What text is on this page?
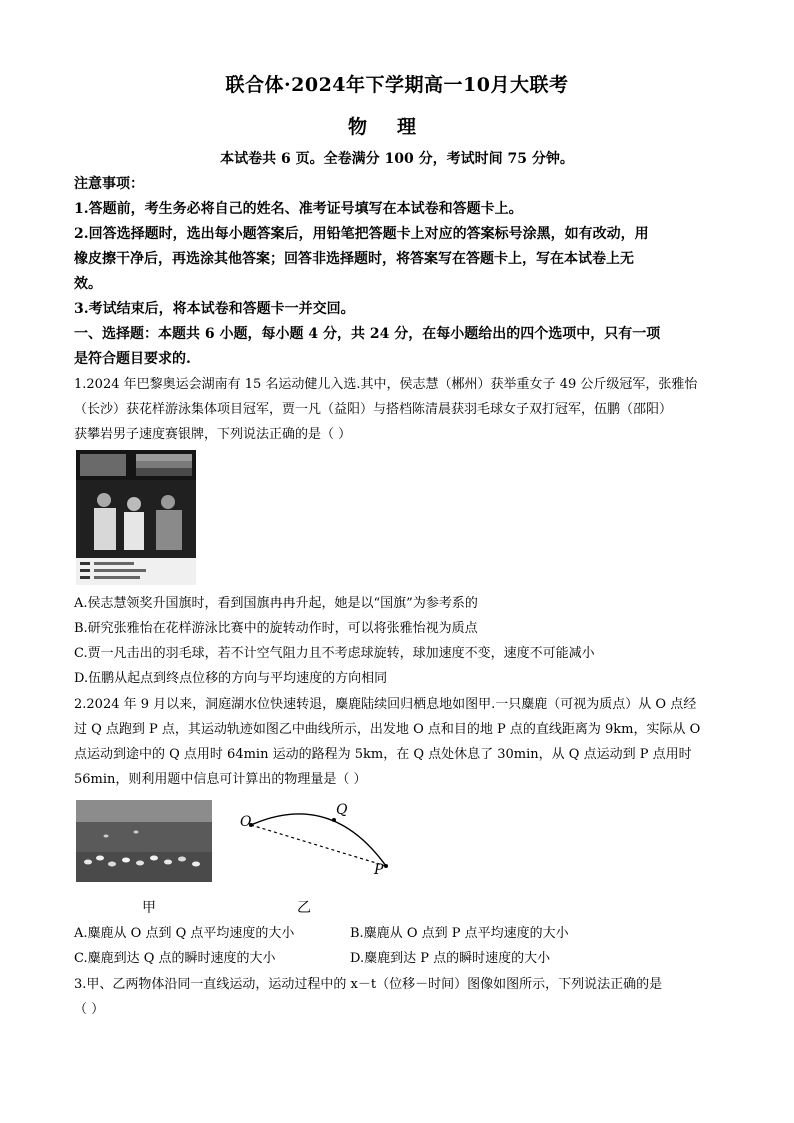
联合体·2024年下学期高一10月大联考
物理
本试卷共 6 页。全卷满分 100 分，考试时间 75 分钟。
注意事项：
1.答题前，考生务必将自己的姓名、准考证号填写在本试卷和答题卡上。
2.回答选择题时，选出每小题答案后，用铅笔把答题卡上对应的答案标号涂黑，如有改动，用
橡皮擦干净后，再选涂其他答案；回答非选择题时，将答案写在答题卡上，写在本试卷上无
效。
3.考试结束后，将本试卷和答题卡一并交回。
一、选择题：本题共 6 小题，每小题 4 分，共 24 分，在每小题给出的四个选项中，只有一项
是符合题目要求的.
1.2024 年巴黎奥运会湖南有 15 名运动健儿入选.其中，侯志慧（郴州）获举重女子 49 公斤级冠军，张雅怡
（长沙）获花样游泳集体项目冠军，贾一凡（益阳）与搭档陈清晨获羽毛球女子双打冠军，伍鹏（邵阳）
获攀岩男子速度赛银牌，下列说法正确的是（ ）
A.侯志慧领奖升国旗时，看到国旗冉冉升起，她是以“国旗”为参考系的
B.研究张雅怡在花样游泳比赛中的旋转动作时，可以将张雅怡视为质点
C.贾一凡击出的羽毛球，若不计空气阻力且不考虑球旋转，球加速度不变，速度不可能减小
D.伍鹏从起点到终点位移的方向与平均速度的方向相同
2.2024 年 9 月以来，洞庭湖水位快速转退，麋鹿陆续回归栖息地如图甲.一只麋鹿（可视为质点）从 O 点经
过 Q 点跑到 P 点，其运动轨迹如图乙中曲线所示，出发地 O 点和目的地 P 点的直线距离为 9km，实际从 O
点运动到途中的 Q 点用时 64min 运动的路程为 5km，在 Q 点处休息了 30min，从 Q 点运动到 P 点用时
56min，则利用题中信息可计算出的物理量是（ ）
O
Q
P
甲	乙
A.麋鹿从 O 点到 Q 点平均速度的大小	B.麋鹿从 O 点到 P 点平均速度的大小
C.麋鹿到达 Q 点的瞬时速度的大小	D.麋鹿到达 P 点的瞬时速度的大小
3.甲、乙两物体沿同一直线运动，运动过程中的 x－t（位移－时间）图像如图所示，下列说法正确的是
（ ）
